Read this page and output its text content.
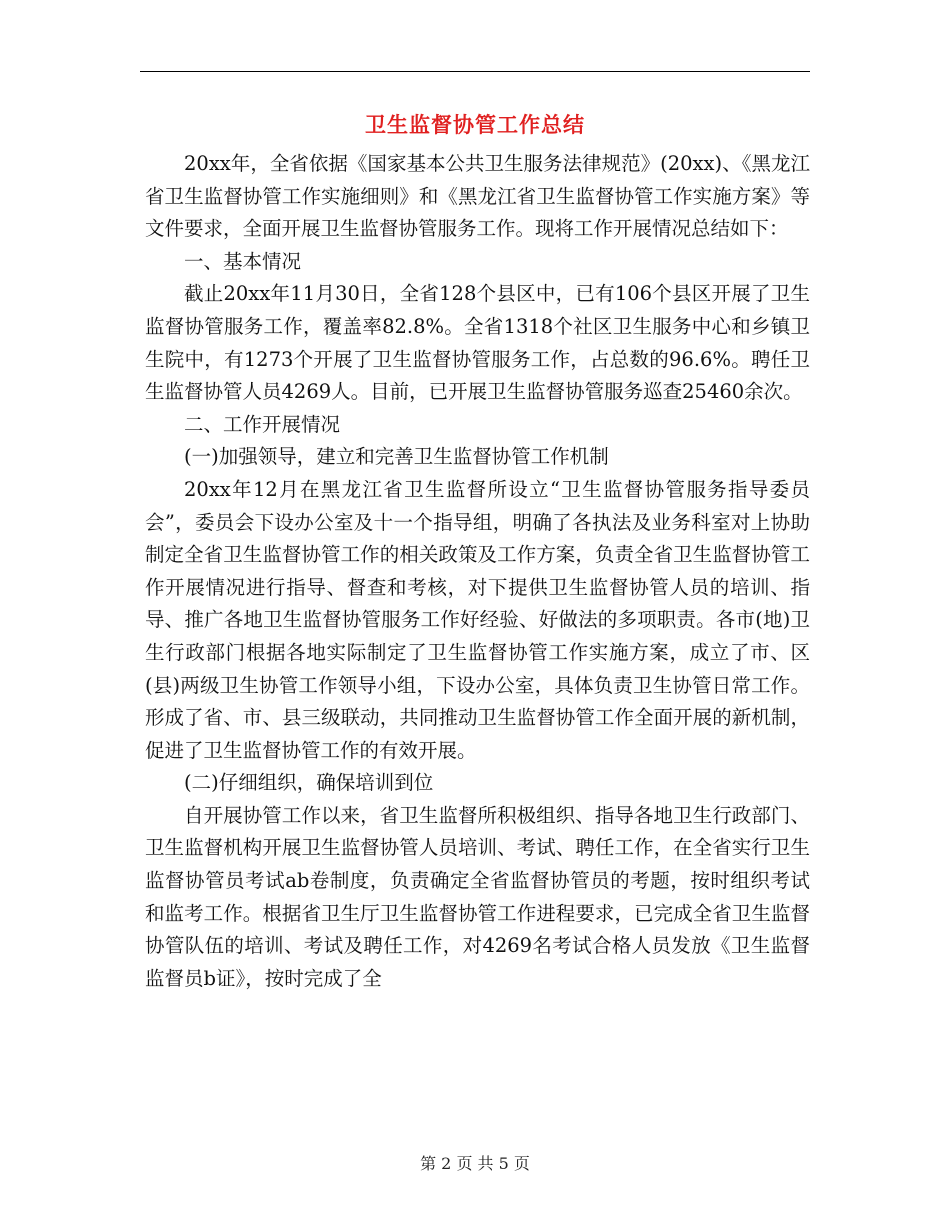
卫生监督协管工作总结

20xx年，全省依据《国家基本公共卫生服务法律规范》(20xx)、《黑龙江省卫生监督协管工作实施细则》和《黑龙江省卫生监督协管工作实施方案》等文件要求，全面开展卫生监督协管服务工作。现将工作开展情况总结如下：

一、基本情况

截止20xx年11月30日，全省128个县区中，已有106个县区开展了卫生监督协管服务工作，覆盖率82.8%。全省1318个社区卫生服务中心和乡镇卫生院中，有1273个开展了卫生监督协管服务工作，占总数的96.6%。聘任卫生监督协管人员4269人。目前，已开展卫生监督协管服务巡查25460余次。

二、工作开展情况

(一)加强领导，建立和完善卫生监督协管工作机制

20xx年12月在黑龙江省卫生监督所设立“卫生监督协管服务指导委员会”，委员会下设办公室及十一个指导组，明确了各执法及业务科室对上协助制定全省卫生监督协管工作的相关政策及工作方案，负责全省卫生监督协管工作开展情况进行指导、督查和考核，对下提供卫生监督协管人员的培训、指导、推广各地卫生监督协管服务工作好经验、好做法的多项职责。各市(地)卫生行政部门根据各地实际制定了卫生监督协管工作实施方案，成立了市、区(县)两级卫生协管工作领导小组，下设办公室，具体负责卫生协管日常工作。形成了省、市、县三级联动，共同推动卫生监督协管工作全面开展的新机制，促进了卫生监督协管工作的有效开展。

(二)仔细组织，确保培训到位

自开展协管工作以来，省卫生监督所积极组织、指导各地卫生行政部门、卫生监督机构开展卫生监督协管人员培训、考试、聘任工作，在全省实行卫生监督协管员考试ab卷制度，负责确定全省监督协管员的考题，按时组织考试和监考工作。根据省卫生厅卫生监督协管工作进程要求，已完成全省卫生监督协管队伍的培训、考试及聘任工作，对4269名考试合格人员发放《卫生监督监督员b证》，按时完成了全

第 2 页 共 5 页
